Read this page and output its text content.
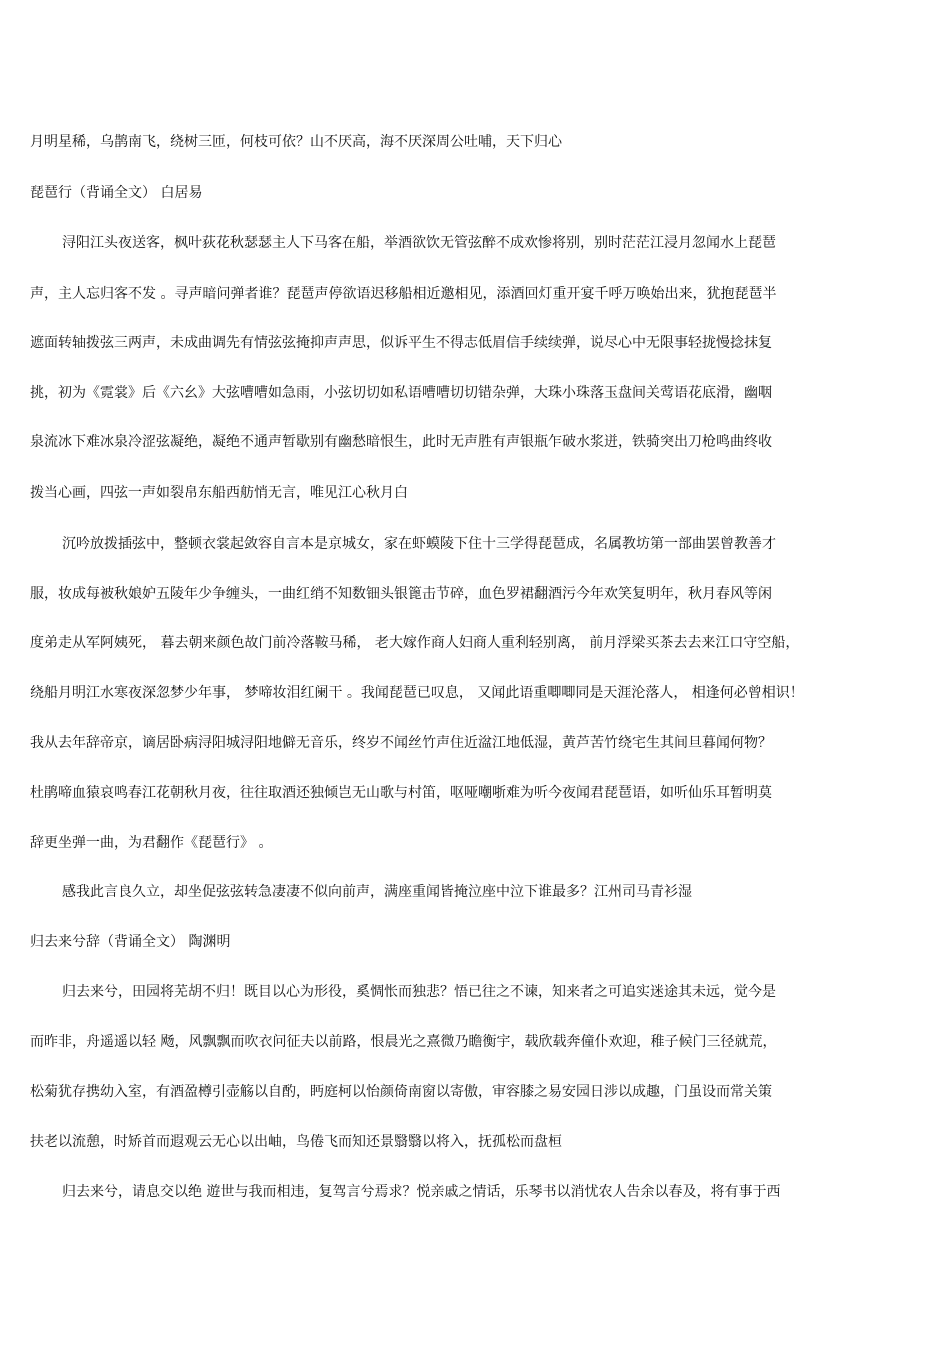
月明星稀，乌鹊南飞，绕树三匝，何枝可依？山不厌高，海不厌深周公吐哺，天下归心
琵琶行（背诵全文） 白居易
浔阳江头夜送客，枫叶荻花秋瑟瑟主人下马客在船，举酒欲饮无管弦醉不成欢惨将别，别时茫茫江浸月忽闻水上琵琶
声，主人忘归客不发 。寻声暗问弹者谁？琵琶声停欲语迟移船相近邀相见，添酒回灯重开宴千呼万唤始出来，犹抱琵琶半
遮面转轴拨弦三两声，未成曲调先有情弦弦掩抑声声思，似诉平生不得志低眉信手续续弹，说尽心中无限事轻拢慢捻抹复
挑，初为《霓裳》后《六幺》大弦嘈嘈如急雨，小弦切切如私语嘈嘈切切错杂弹，大珠小珠落玉盘间关莺语花底滑，幽咽
泉流冰下难冰泉冷涩弦凝绝，凝绝不通声暂歇别有幽愁暗恨生，此时无声胜有声银瓶乍破水浆迸，铁骑突出刀枪鸣曲终收
拨当心画，四弦一声如裂帛东船西舫悄无言，唯见江心秋月白
沉吟放拨插弦中，整顿衣裳起敛容自言本是京城女，家在虾蟆陵下住十三学得琵琶成，名属教坊第一部曲罢曾教善才
服，妆成每被秋娘妒五陵年少争缠头，一曲红绡不知数钿头银篦击节碎，血色罗裙翻酒污今年欢笑复明年，秋月春风等闲
度弟走从军阿姨死， 暮去朝来颜色故门前冷落鞍马稀， 老大嫁作商人妇商人重利轻别离， 前月浮梁买茶去去来江口守空船，
绕船月明江水寒夜深忽梦少年事， 梦啼妆泪红阑干 。我闻琵琶已叹息， 又闻此语重唧唧同是天涯沦落人， 相逢何必曾相识！
我从去年辞帝京，谪居卧病浔阳城浔阳地僻无音乐，终岁不闻丝竹声住近湓江地低湿，黄芦苦竹绕宅生其间旦暮闻何物？
杜鹃啼血猿哀鸣春江花朝秋月夜，往往取酒还独倾岂无山歌与村笛，呕哑嘲哳难为听今夜闻君琵琶语，如听仙乐耳暂明莫
辞更坐弹一曲，为君翻作《琵琶行》 。
感我此言良久立，却坐促弦弦转急凄凄不似向前声，满座重闻皆掩泣座中泣下谁最多？江州司马青衫湿
归去来兮辞（背诵全文） 陶渊明
归去来兮，田园将芜胡不归！既目以心为形役，奚惆怅而独悲？悟已往之不谏，知来者之可追实迷途其未远，觉今是
而昨非，舟遥遥以轻 飏，风飘飘而吹衣问征夫以前路，恨晨光之熹微乃瞻衡宇，载欣载奔僮仆欢迎，稚子候门三径就荒，
松菊犹存携幼入室，有酒盈樽引壶觞以自酌，眄庭柯以怡颜倚南窗以寄傲，审容膝之易安园日涉以成趣，门虽设而常关策
扶老以流憩，时矫首而遐观云无心以出岫，鸟倦飞而知还景翳翳以将入，抚孤松而盘桓
归去来兮，请息交以绝 遊世与我而相违，复驾言兮焉求？悦亲戚之情话，乐琴书以消忧农人告余以春及，将有事于西
